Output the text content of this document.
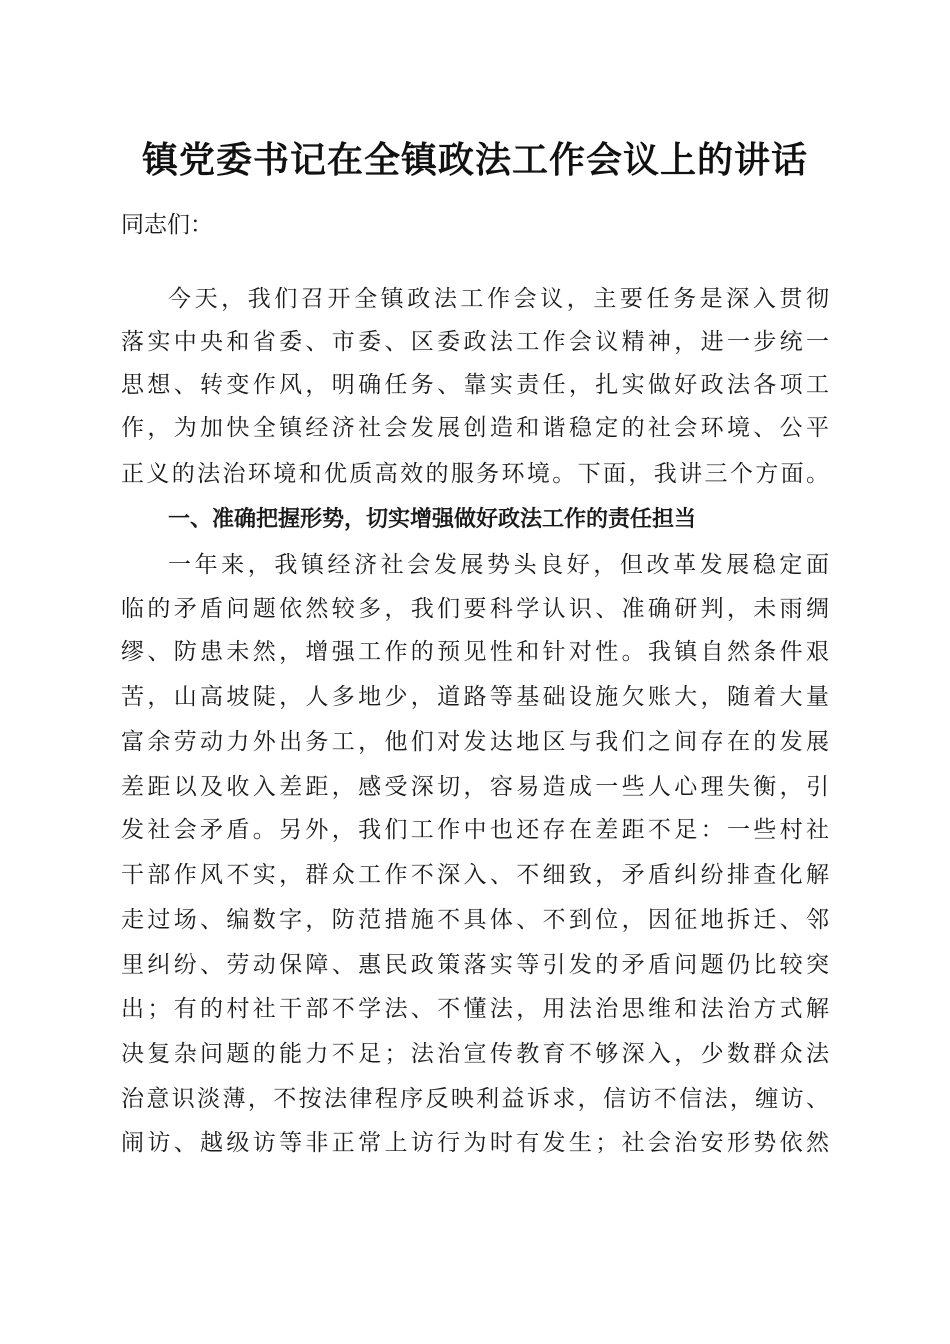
镇党委书记在全镇政法工作会议上的讲话

同志们：

今天，我们召开全镇政法工作会议，主要任务是深入贯彻

落实中央和省委、市委、区委政法工作会议精神，进一步统一

思想、转变作风，明确任务、靠实责任，扎实做好政法各项工

作，为加快全镇经济社会发展创造和谐稳定的社会环境、公平

正义的法治环境和优质高效的服务环境。下面，我讲三个方面。

一、准确把握形势，切实增强做好政法工作的责任担当

一年来，我镇经济社会发展势头良好，但改革发展稳定面

临的矛盾问题依然较多，我们要科学认识、准确研判，未雨绸

缪、防患未然，增强工作的预见性和针对性。我镇自然条件艰

苦，山高坡陡，人多地少，道路等基础设施欠账大，随着大量

富余劳动力外出务工，他们对发达地区与我们之间存在的发展

差距以及收入差距，感受深切，容易造成一些人心理失衡，引

发社会矛盾。另外，我们工作中也还存在差距不足：一些村社

干部作风不实，群众工作不深入、不细致，矛盾纠纷排查化解

走过场、编数字，防范措施不具体、不到位，因征地拆迁、邻

里纠纷、劳动保障、惠民政策落实等引发的矛盾问题仍比较突

出；有的村社干部不学法、不懂法，用法治思维和法治方式解

决复杂问题的能力不足；法治宣传教育不够深入，少数群众法

治意识淡薄，不按法律程序反映利益诉求，信访不信法，缠访、

闹访、越级访等非正常上访行为时有发生；社会治安形势依然
